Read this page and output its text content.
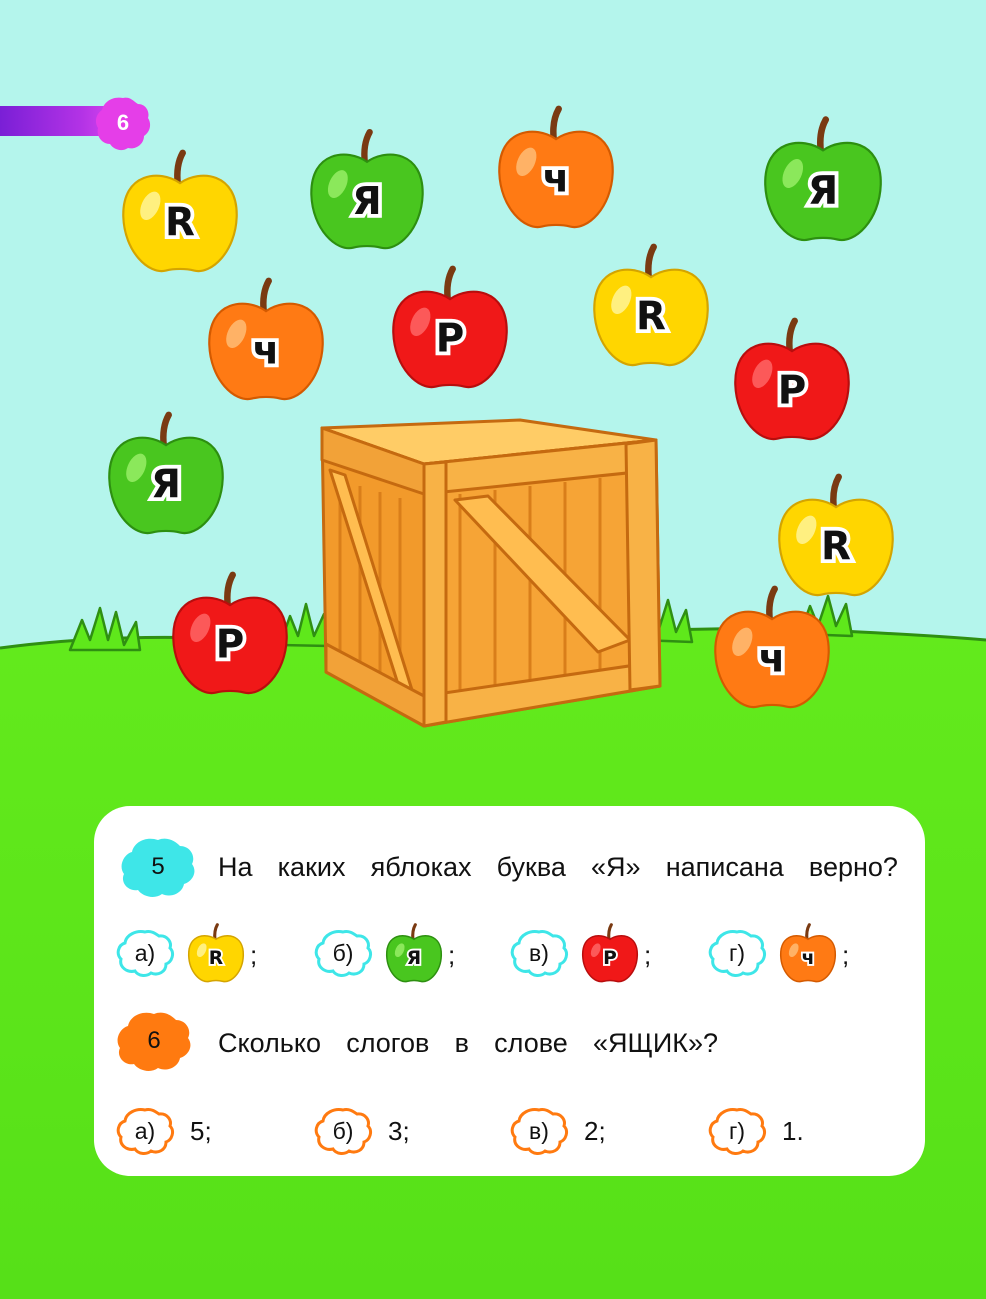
R	Я	ч	Я
ч	Р	R
Р
Я
R
Р	ч
6
5	На каких яблоках буква «Я» написана верно?
а)	R ;	б)	Я ;	в)	Р ;	г)	ч ;
6	Сколько слогов в слове «ЯЩИК»?
а)	5;	б)	3;	в)	2;	г)	1.
